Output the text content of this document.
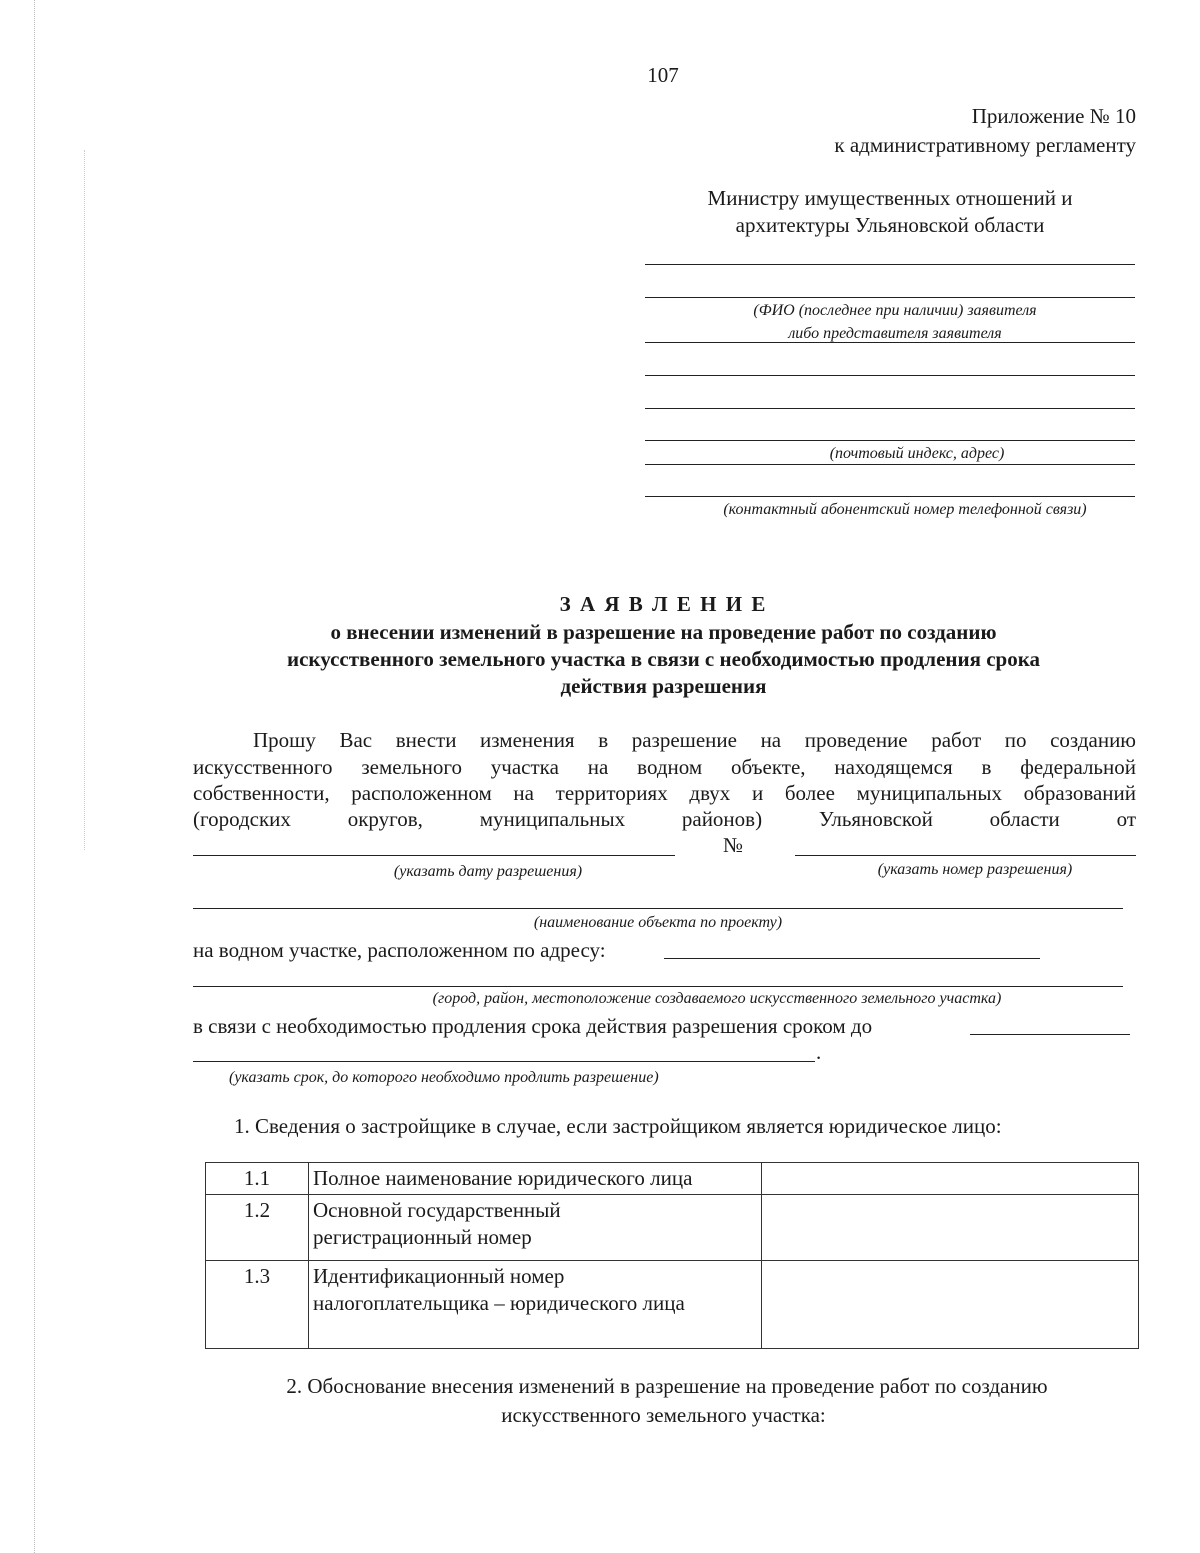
107
Приложение № 10
к административному регламенту
Министру имущественных отношений и
архитектуры Ульяновской области
(ФИО (последнее при наличии) заявителя
либо представителя заявителя
(почтовый индекс, адрес)
(контактный абонентский номер телефонной связи)
З А Я В Л Е Н И Е
о внесении изменений в разрешение на проведение работ по созданию
искусственного земельного участка в связи с необходимостью продления срока
действия разрешения
Прошу Вас внести изменения в разрешение на проведение работ по созданию
искусственного земельного участка на водном объекте, находящемся в федеральной
собственности, расположенном на территориях двух и более муниципальных образований
(городских округов, муниципальных районов) Ульяновской области от
№
(указать дату разрешения)	(указать номер разрешения)
(наименование объекта по проекту)
на водном участке, расположенном по адресу:
(город, район, местоположение создаваемого искусственного земельного участка)
в связи с необходимостью продления срока действия разрешения сроком до
.
(указать срок, до которого необходимо продлить разрешение)
1. Сведения о застройщике в случае, если застройщиком является юридическое лицо:
1.1	Полное наименование юридического лица	
1.2	Основной государственный
регистрационный номер	

1.3	Идентификационный номер
налогоплательщика – юридического лица	

2. Обоснование внесения изменений в разрешение на проведение работ по созданию
искусственного земельного участка:
